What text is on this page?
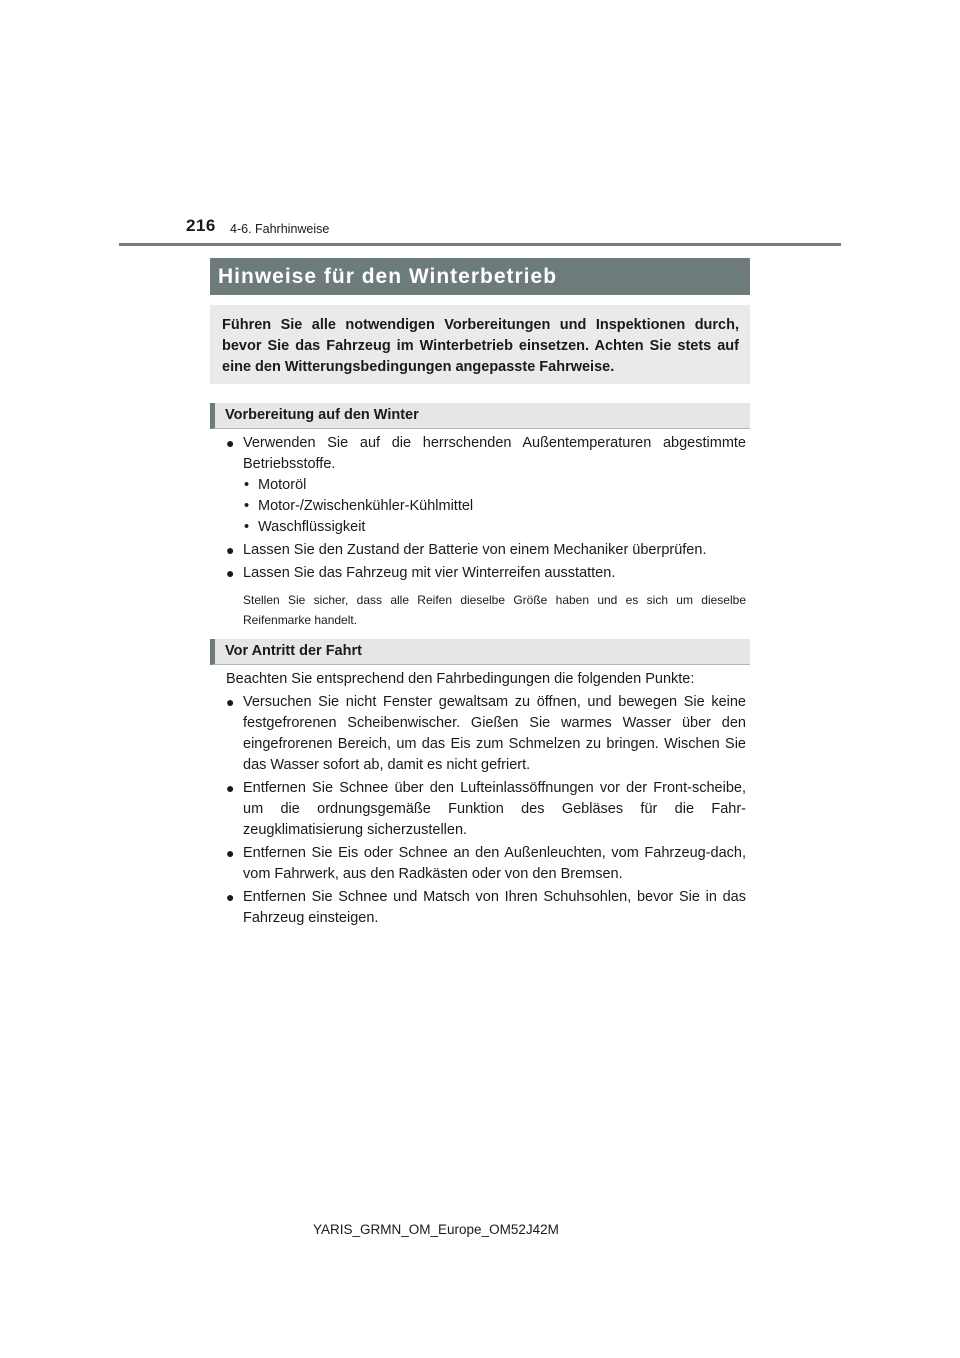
216 4-6. Fahrhinweise
Hinweise für den Winterbetrieb
Führen Sie alle notwendigen Vorbereitungen und Inspektionen durch, bevor Sie das Fahrzeug im Winterbetrieb einsetzen. Achten Sie stets auf eine den Witterungsbedingungen angepasste Fahrweise.
Vorbereitung auf den Winter
● Verwenden Sie auf die herrschenden Außentemperaturen abgestimmte Betriebsstoffe.
• Motoröl
• Motor-/Zwischenkühler-Kühlmittel
• Waschflüssigkeit
● Lassen Sie den Zustand der Batterie von einem Mechaniker überprüfen.
● Lassen Sie das Fahrzeug mit vier Winterreifen ausstatten.
Stellen Sie sicher, dass alle Reifen dieselbe Größe haben und es sich um dieselbe Reifenmarke handelt.
Vor Antritt der Fahrt
Beachten Sie entsprechend den Fahrbedingungen die folgenden Punkte:
● Versuchen Sie nicht Fenster gewaltsam zu öffnen, und bewegen Sie keine festgefrorenen Scheibenwischer. Gießen Sie warmes Wasser über den eingefrorenen Bereich, um das Eis zum Schmelzen zu bringen. Wischen Sie das Wasser sofort ab, damit es nicht gefriert.
● Entfernen Sie Schnee über den Lufteinlassöffnungen vor der Front-scheibe, um die ordnungsgemäße Funktion des Gebläses für die Fahr-zeugklimatisierung sicherzustellen.
● Entfernen Sie Eis oder Schnee an den Außenleuchten, vom Fahrzeug-dach, vom Fahrwerk, aus den Radkästen oder von den Bremsen.
● Entfernen Sie Schnee und Matsch von Ihren Schuhsohlen, bevor Sie in das Fahrzeug einsteigen.
YARIS_GRMN_OM_Europe_OM52J42M
